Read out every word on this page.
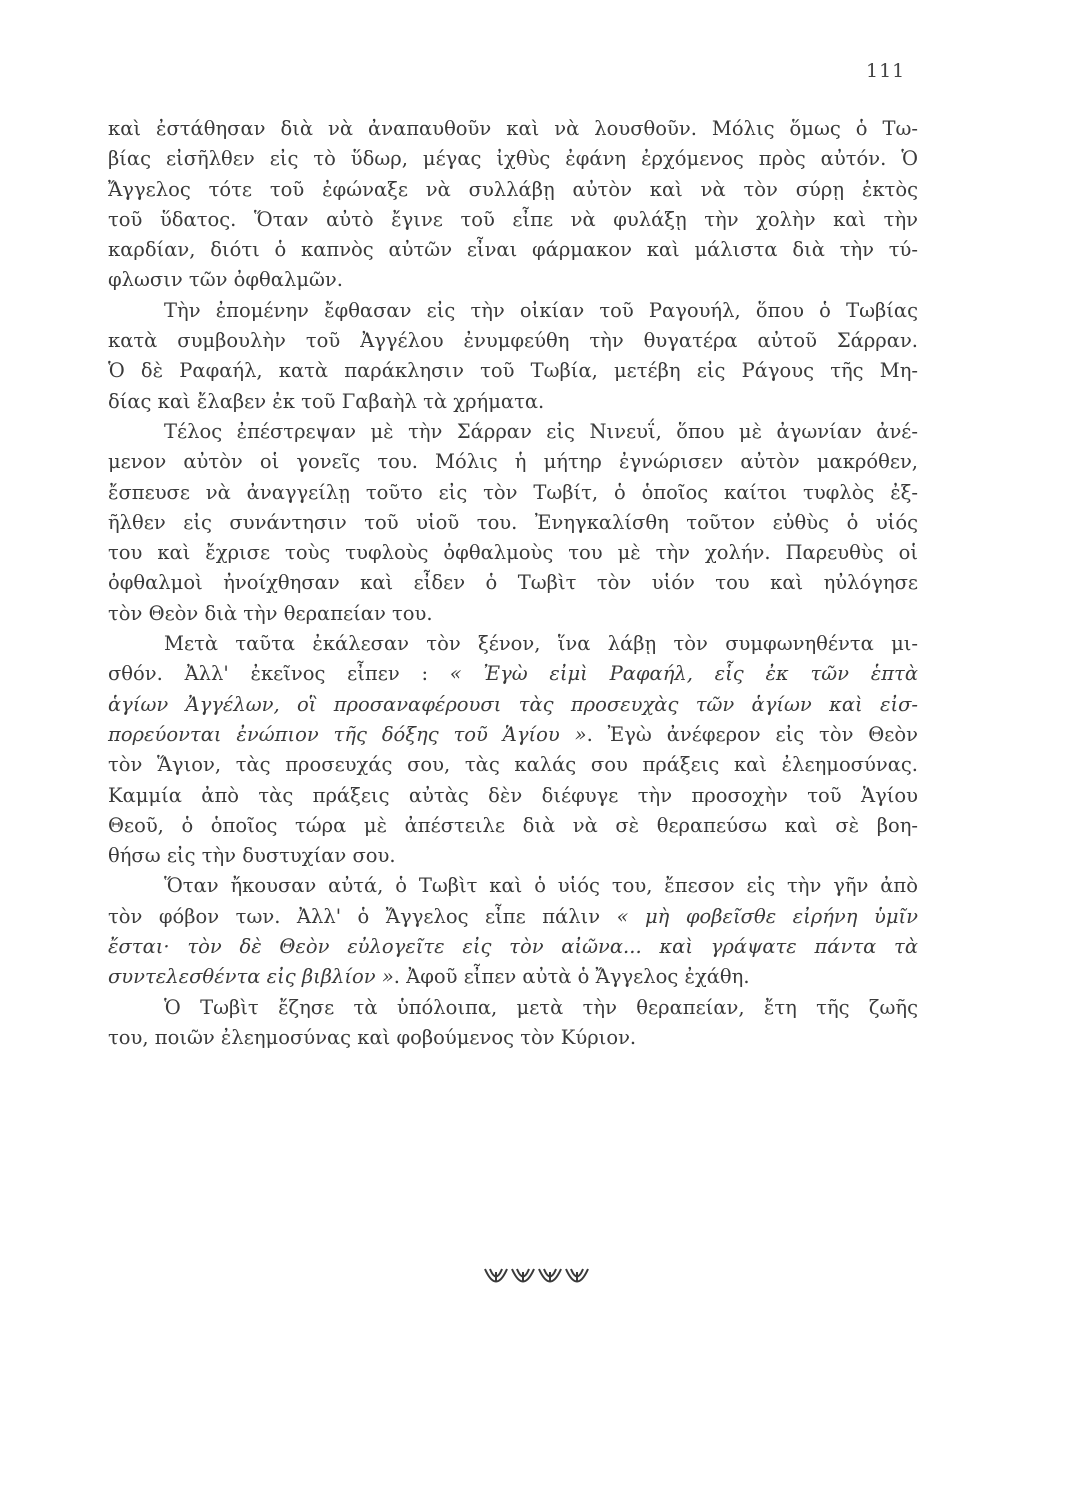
111
καὶ ἐστάθησαν διὰ νὰ ἀναπαυθοῦν καὶ νὰ λουσθοῦν. Μόλις ὅμως ὁ Τω-
βίας εἰσῆλθεν εἰς τὸ ὕδωρ, μέγας ἰχθὺς ἐφάνη ἐρχόμενος πρὸς αὐτόν. Ὁ
Ἄγγελος τότε τοῦ ἐφώναξε νὰ συλλάβῃ αὐτὸν καὶ νὰ τὸν σύρῃ ἐκτὸς
τοῦ ὕδατος. Ὅταν αὐτὸ ἔγινε τοῦ εἶπε νὰ φυλάξῃ τὴν χολὴν καὶ τὴν
καρδίαν, διότι ὁ καπνὸς αὐτῶν εἶναι φάρμακον καὶ μάλιστα διὰ τὴν τύ-
φλωσιν τῶν ὀφθαλμῶν.
Τὴν ἐπομένην ἔφθασαν εἰς τὴν οἰκίαν τοῦ Ραγουήλ, ὅπου ὁ Τωβίας
κατὰ συμβουλὴν τοῦ Ἀγγέλου ἐνυμφεύθη τὴν θυγατέρα αὐτοῦ Σάρραν.
Ὁ δὲ Ραφαήλ, κατὰ παράκλησιν τοῦ Τωβία, μετέβη εἰς Ράγους τῆς Μη-
δίας καὶ ἔλαβεν ἐκ τοῦ Γαβαὴλ τὰ χρήματα.
Τέλος ἐπέστρεψαν μὲ τὴν Σάρραν εἰς Νινευΐ, ὅπου μὲ ἀγωνίαν ἀνέ-
μενον αὐτὸν οἱ γονεῖς του. Μόλις ἡ μήτηρ ἐγνώρισεν αὐτὸν μακρόθεν,
ἔσπευσε νὰ ἀναγγείλῃ τοῦτο εἰς τὸν Τωβίτ, ὁ ὁποῖος καίτοι τυφλὸς ἐξ-
ῆλθεν εἰς συνάντησιν τοῦ υἱοῦ του. Ἐνηγκαλίσθη τοῦτον εὐθὺς ὁ υἱός
του καὶ ἔχρισε τοὺς τυφλοὺς ὀφθαλμοὺς του μὲ τὴν χολήν. Παρευθὺς οἱ
ὀφθαλμοὶ ἠνοίχθησαν καὶ εἶδεν ὁ Τωβὶτ τὸν υἱόν του καὶ ηὐλόγησε
τὸν Θεὸν διὰ τὴν θεραπείαν του.
Μετὰ ταῦτα ἐκάλεσαν τὸν ξένον, ἵνα λάβῃ τὸν συμφωνηθέντα μι-
σθόν. Ἀλλ' ἐκεῖνος εἶπεν : « Ἐγὼ εἰμὶ Ραφαήλ, εἷς ἐκ τῶν ἑπτὰ
ἁγίων Ἀγγέλων, οἳ προσαναφέρουσι τὰς προσευχὰς τῶν ἁγίων καὶ εἰσ-
πορεύονται ἐνώπιον τῆς δόξης τοῦ Ἁγίου ». Ἐγὼ ἀνέφερον εἰς τὸν Θεὸν
τὸν Ἅγιον, τὰς προσευχάς σου, τὰς καλάς σου πράξεις καὶ ἐλεημοσύνας.
Καμμία ἀπὸ τὰς πράξεις αὐτὰς δὲν διέφυγε τὴν προσοχὴν τοῦ Ἁγίου
Θεοῦ, ὁ ὁποῖος τώρα μὲ ἀπέστειλε διὰ νὰ σὲ θεραπεύσω καὶ σὲ βοη-
θήσω εἰς τὴν δυστυχίαν σου.
Ὅταν ἤκουσαν αὐτά, ὁ Τωβὶτ καὶ ὁ υἱός του, ἔπεσον εἰς τὴν γῆν ἀπὸ
τὸν φόβον των. Ἀλλ' ὁ Ἄγγελος εἶπε πάλιν « μὴ φοβεῖσθε εἰρήνη ὑμῖν
ἔσται· τὸν δὲ Θεὸν εὐλογεῖτε εἰς τὸν αἰῶνα... καὶ γράψατε πάντα τὰ
συντελεσθέντα εἰς βιβλίον ». Ἀφοῦ εἶπεν αὐτὰ ὁ Ἄγγελος ἐχάθη.
Ὁ Τωβὶτ ἔζησε τὰ ὑπόλοιπα, μετὰ τὴν θεραπείαν, ἔτη τῆς ζωῆς
του, ποιῶν ἐλεημοσύνας καὶ φοβούμενος τὸν Κύριον.
